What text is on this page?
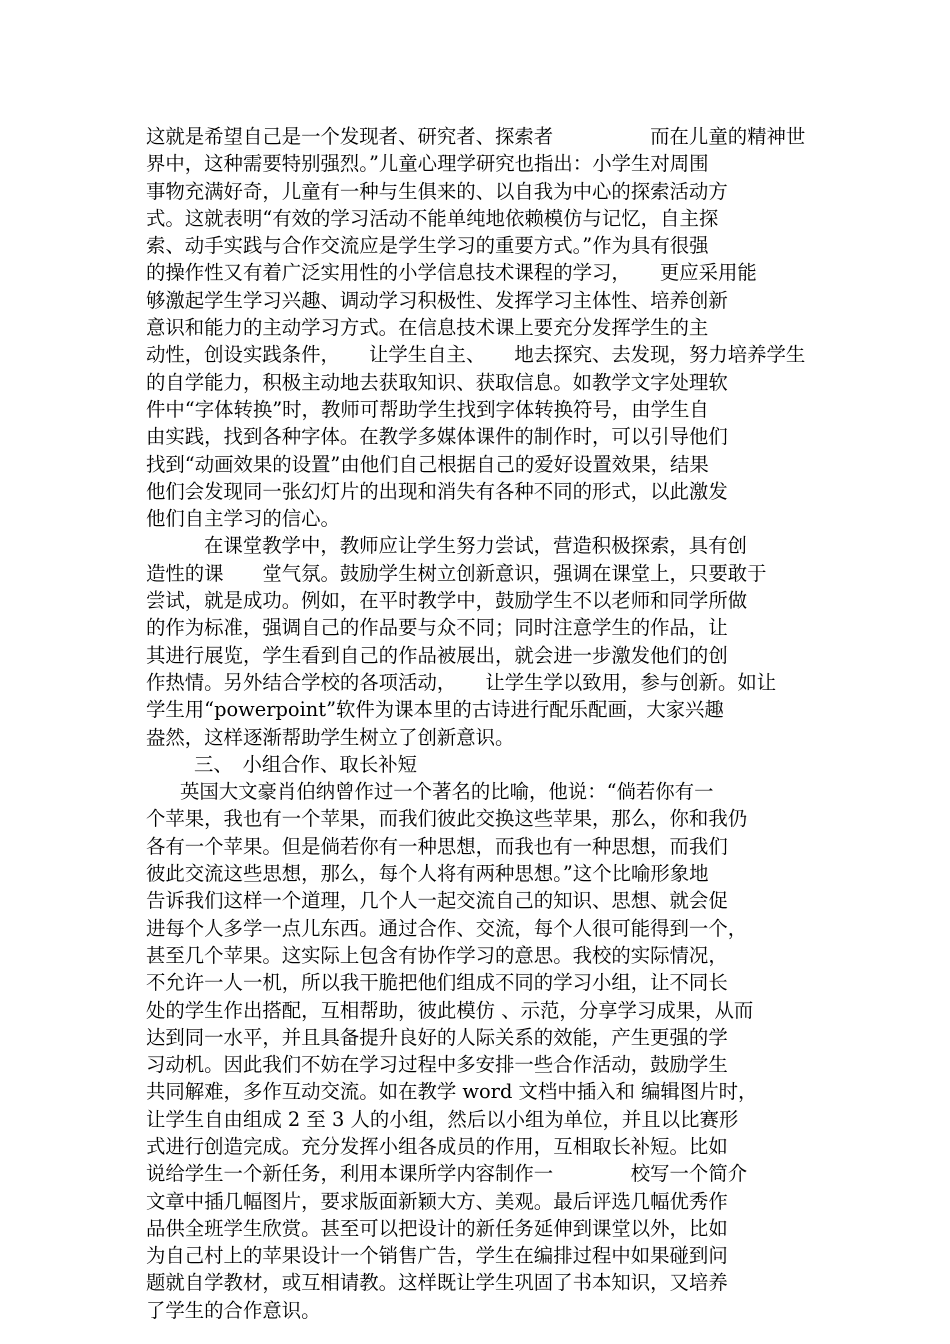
这就是希望自己是一个发现者、研究者、探索者　　　　　而在儿童的精神世
界中，这种需要特别强烈。”儿童心理学研究也指出：小学生对周围
事物充满好奇，儿童有一种与生俱来的、以自我为中心的探索活动方
式。这就表明“有效的学习活动不能单纯地依赖模仿与记忆，自主探
索、动手实践与合作交流应是学生学习的重要方式。”作为具有很强
的操作性又有着广泛实用性的小学信息技术课程的学习，　　更应采用能
够激起学生学习兴趣、调动学习积极性、发挥学习主体性、培养创新
意识和能力的主动学习方式。在信息技术课上要充分发挥学生的主
动性，创设实践条件，　　让学生自主、　　地去探究、去发现，努力培养学生
的自学能力，积极主动地去获取知识、获取信息。如教学文字处理软
件中“字体转换”时，教师可帮助学生找到字体转换符号，由学生自
由实践，找到各种字体。在教学多媒体课件的制作时，可以引导他们
找到“动画效果的设置”由他们自己根据自己的爱好设置效果，结果
他们会发现同一张幻灯片的出现和消失有各种不同的形式，以此激发
他们自主学习的信心。
在课堂教学中，教师应让学生努力尝试，营造积极探索，具有创
造性的课　　堂气氛。鼓励学生树立创新意识，强调在课堂上，只要敢于
尝试，就是成功。例如，在平时教学中，鼓励学生不以老师和同学所做
的作为标准，强调自己的作品要与众不同；同时注意学生的作品，让
其进行展览，学生看到自己的作品被展出，就会进一步激发他们的创
作热情。另外结合学校的各项活动，　　让学生学以致用，参与创新。如让
学生用“powerpoint”软件为课本里的古诗进行配乐配画，大家兴趣
盎然，这样逐渐帮助学生树立了创新意识。
三、　小组合作、取长补短
英国大文豪肖伯纳曾作过一个著名的比喻，他说：“倘若你有一
个苹果，我也有一个苹果，而我们彼此交换这些苹果，那么，你和我仍
各有一个苹果。但是倘若你有一种思想，而我也有一种思想，而我们
彼此交流这些思想，那么，每个人将有两种思想。”这个比喻形象地
告诉我们这样一个道理，几个人一起交流自己的知识、思想、就会促
进每个人多学一点儿东西。通过合作、交流，每个人很可能得到一个，
甚至几个苹果。这实际上包含有协作学习的意思。我校的实际情况，
不允许一人一机，所以我干脆把他们组成不同的学习小组，让不同长
处的学生作出搭配，互相帮助，彼此模仿 、示范，分享学习成果，从而
达到同一水平，并且具备提升良好的人际关系的效能，产生更强的学
习动机。因此我们不妨在学习过程中多安排一些合作活动，鼓励学生
共同解难，多作互动交流。如在教学 word 文档中插入和 编辑图片时，
让学生自由组成 2 至 3 人的小组，然后以小组为单位，并且以比赛形
式进行创造完成。充分发挥小组各成员的作用，互相取长补短。比如
说给学生一个新任务，利用本课所学内容制作一　　　　校写一个简介
文章中插几幅图片，要求版面新颖大方、美观。最后评选几幅优秀作
品供全班学生欣赏。甚至可以把设计的新任务延伸到课堂以外，比如
为自己村上的苹果设计一个销售广告，学生在编排过程中如果碰到问
题就自学教材，或互相请教。这样既让学生巩固了书本知识，又培养
了学生的合作意识。
